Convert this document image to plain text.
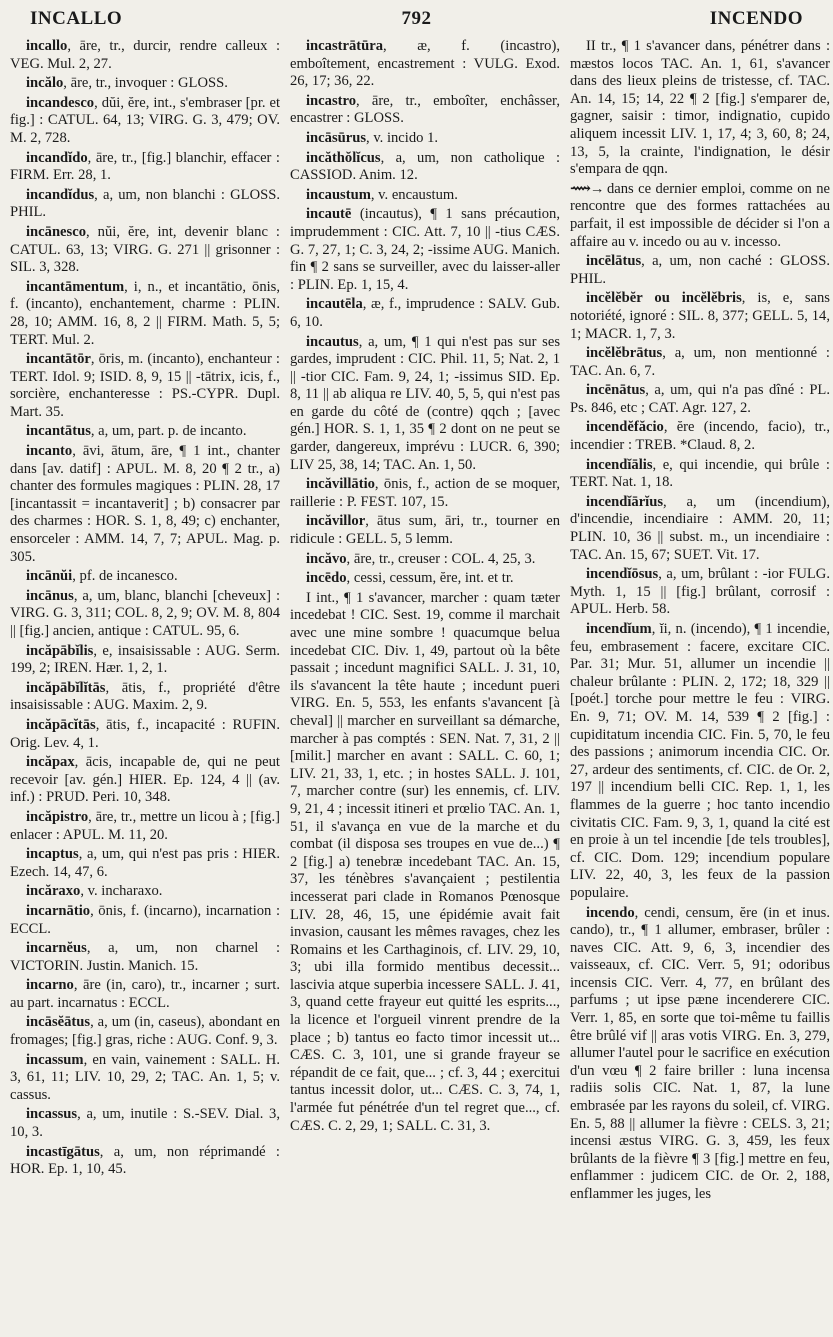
INCALLO	792	INCENDO

incallo, āre, tr., durcir, rendre calleux : VEG. Mul. 2, 27.

incălo, āre, tr., invoquer : GLOSS.

incandesco, dŭi, ĕre, int., s'embraser [pr. et fig.] : CATUL. 64, 13; VIRG. G. 3, 479; OV. M. 2, 728.

incandĭdo, āre, tr., [fig.] blanchir, effacer : FIRM. Err. 28, 1.

incandĭdus, a, um, non blanchi : GLOSS. PHIL.

incānesco, nŭi, ĕre, int, devenir blanc : CATUL. 63, 13; VIRG. G. 271 || grisonner : SIL. 3, 328.

incantāmentum, i, n., et incantātio, ōnis, f. (incanto), enchantement, charme : PLIN. 28, 10; AMM. 16, 8, 2 || FIRM. Math. 5, 5; TERT. Mul. 2.

incantātōr, ōris, m. (incanto), enchanteur : TERT. Idol. 9; ISID. 8, 9, 15 || -tātrix, icis, f., sorcière, enchanteresse : PS.-CYPR. Dupl. Mart. 35.

incantātus, a, um, part. p. de incanto.

incanto, āvi, ātum, āre, ¶ 1 int., chanter dans [av. datif] : APUL. M. 8, 20 ¶ 2 tr., a) chanter des formules magiques : PLIN. 28, 17 [incantassit = incantaverit] ; b) consacrer par des charmes : HOR. S. 1, 8, 49; c) enchanter, ensorceler : AMM. 14, 7, 7; APUL. Mag. p. 305.

incānŭi, pf. de incanesco.

incānus, a, um, blanc, blanchi [cheveux] : VIRG. G. 3, 311; COL. 8, 2, 9; OV. M. 8, 804 || [fig.] ancien, antique : CATUL. 95, 6.

incăpābĭlis, e, insaisissable : AUG. Serm. 199, 2; IREN. Hær. 1, 2, 1.

incăpābĭlĭtās, ātis, f., propriété d'être insaisissable : AUG. Maxim. 2, 9.

incăpācĭtās, ātis, f., incapacité : RUFIN. Orig. Lev. 4, 1.

incăpax, ācis, incapable de, qui ne peut recevoir [av. gén.] HIER. Ep. 124, 4 || (av. inf.) : PRUD. Peri. 10, 348.

incăpistro, āre, tr., mettre un licou à ; [fig.] enlacer : APUL. M. 11, 20.

incaptus, a, um, qui n'est pas pris : HIER. Ezech. 14, 47, 6.

incăraxo, v. incharaxo.

incarnātio, ōnis, f. (incarno), incarnation : ECCL.

incarnĕus, a, um, non charnel : VICTORIN. Justin. Manich. 15.

incarno, āre (in, caro), tr., incarner ; surt. au part. incarnatus : ECCL.

incāsĕātus, a, um (in, caseus), abondant en fromages; [fig.] gras, riche : AUG. Conf. 9, 3.

incassum, en vain, vainement : SALL. H. 3, 61, 11; LIV. 10, 29, 2; TAC. An. 1, 5; v. cassus.

incassus, a, um, inutile : S.-SEV. Dial. 3, 10, 3.

incastīgātus, a, um, non réprimandé : HOR. Ep. 1, 10, 45.

incastrātūra, æ, f. (incastro), emboîtement, encastrement : VULG. Exod. 26, 17; 36, 22.

incastro, āre, tr., emboîter, enchâsser, encastrer : GLOSS.

incāsūrus, v. incido 1.

incăthŏlĭcus, a, um, non catholique : CASSIOD. Anim. 12.

incaustum, v. encaustum.

incautē (incautus), ¶ 1 sans précaution, imprudemment : CIC. Att. 7, 10 || -tius CÆS. G. 7, 27, 1; C. 3, 24, 2; -issime AUG. Manich. fin ¶ 2 sans se surveiller, avec du laisser-aller : PLIN. Ep. 1, 15, 4.

incautēla, æ, f., imprudence : SALV. Gub. 6, 10.

incautus, a, um, ¶ 1 qui n'est pas sur ses gardes, imprudent : CIC. Phil. 11, 5; Nat. 2, 1 || -tior CIC. Fam. 9, 24, 1; -issimus SID. Ep. 8, 11 || ab aliqua re LIV. 40, 5, 5, qui n'est pas en garde du côté de (contre) qqch ; [avec gén.] HOR. S. 1, 1, 35 ¶ 2 dont on ne peut se garder, dangereux, imprévu : LUCR. 6, 390; LIV 25, 38, 14; TAC. An. 1, 50.

incăvillātio, ōnis, f., action de se moquer, raillerie : P. FEST. 107, 15.

incăvillor, ātus sum, āri, tr., tourner en ridicule : GELL. 5, 5 lemm.

incăvo, āre, tr., creuser : COL. 4, 25, 3.

incēdo, cessi, cessum, ĕre, int. et tr.

I int., ¶ 1 s'avancer, marcher : quam tæter incedebat ! CIC. Sest. 19, comme il marchait avec une mine sombre ! quacumque belua incedebat CIC. Div. 1, 49, partout où la bête passait ; incedunt magnifici SALL. J. 31, 10, ils s'avancent la tête haute ; incedunt pueri VIRG. En. 5, 553, les enfants s'avancent [à cheval] || marcher en surveillant sa démarche, marcher à pas comptés : SEN. Nat. 7, 31, 2 || [milit.] marcher en avant : SALL. C. 60, 1; LIV. 21, 33, 1, etc. ; in hostes SALL. J. 101, 7, marcher contre (sur) les ennemis, cf. LIV. 9, 21, 4 ; incessit itineri et prœlio TAC. An. 1, 51, il s'avança en vue de la marche et du combat (il disposa ses troupes en vue de...) ¶ 2 [fig.] a) tenebræ incedebant TAC. An. 15, 37, les ténèbres s'avançaient ; pestilentia incesserat pari clade in Romanos Pœnosque LIV. 28, 46, 15, une épidémie avait fait invasion, causant les mêmes ravages, chez les Romains et les Carthaginois, cf. LIV. 29, 10, 3; ubi illa formido mentibus decessit... lascivia atque superbia incessere SALL. J. 41, 3, quand cette frayeur eut quitté les esprits..., la licence et l'orgueil vinrent prendre de la place ; b) tantus eo facto timor incessit ut... CÆS. C. 3, 101, une si grande frayeur se répandit de ce fait, que... ; cf. 3, 44 ; exercitui tantus incessit dolor, ut... CÆS. C. 3, 74, 1, l'armée fut pénétrée d'un tel regret que..., cf. CÆS. C. 2, 29, 1; SALL. C. 31, 3.

II tr., ¶ 1 s'avancer dans, pénétrer dans : mæstos locos TAC. An. 1, 61, s'avancer dans des lieux pleins de tristesse, cf. TAC. An. 14, 15; 14, 22 ¶ 2 [fig.] s'emparer de, gagner, saisir : timor, indignatio, cupido aliquem incessit LIV. 1, 17, 4; 3, 60, 8; 24, 13, 5, la crainte, l'indignation, le désir s'empara de qqn.

⟿→ dans ce dernier emploi, comme on ne rencontre que des formes rattachées au parfait, il est impossible de décider si l'on a affaire au v. incedo ou au v. incesso.

incēlātus, a, um, non caché : GLOSS. PHIL.

incĕlĕbĕr ou incĕlĕbris, is, e, sans notoriété, ignoré : SIL. 8, 377; GELL. 5, 14, 1; MACR. 1, 7, 3.

incĕlĕbrātus, a, um, non mentionné : TAC. An. 6, 7.

incēnātus, a, um, qui n'a pas dîné : PL. Ps. 846, etc ; CAT. Agr. 127, 2.

incendĕfăcio, ĕre (incendo, facio), tr., incendier : TREB. *Claud. 8, 2.

incendĭālis, e, qui incendie, qui brûle : TERT. Nat. 1, 18.

incendĭārĭus, a, um (incendium), d'incendie, incendiaire : AMM. 20, 11; PLIN. 10, 36 || subst. m., un incendiaire : TAC. An. 15, 67; SUET. Vit. 17.

incendĭōsus, a, um, brûlant : -ior FULG. Myth. 1, 15 || [fig.] brûlant, corrosif : APUL. Herb. 58.

incendĭum, ĭi, n. (incendo), ¶ 1 incendie, feu, embrasement : facere, excitare CIC. Par. 31; Mur. 51, allumer un incendie || chaleur brûlante : PLIN. 2, 172; 18, 329 || [poét.] torche pour mettre le feu : VIRG. En. 9, 71; OV. M. 14, 539 ¶ 2 [fig.] : cupiditatum incendia CIC. Fin. 5, 70, le feu des passions ; animorum incendia CIC. Or. 27, ardeur des sentiments, cf. CIC. de Or. 2, 197 || incendium belli CIC. Rep. 1, 1, les flammes de la guerre ; hoc tanto incendio civitatis CIC. Fam. 9, 3, 1, quand la cité est en proie à un tel incendie [de tels troubles], cf. CIC. Dom. 129; incendium populare LIV. 22, 40, 3, les feux de la passion populaire.

incendo, cendi, censum, ĕre (in et inus. cando), tr., ¶ 1 allumer, embraser, brûler : naves CIC. Att. 9, 6, 3, incendier des vaisseaux, cf. CIC. Verr. 5, 91; odoribus incensis CIC. Verr. 4, 77, en brûlant des parfums ; ut ipse pæne incenderere CIC. Verr. 1, 85, en sorte que toi-même tu faillis être brûlé vif || aras votis VIRG. En. 3, 279, allumer l'autel pour le sacrifice en exécution d'un vœu ¶ 2 faire briller : luna incensa radiis solis CIC. Nat. 1, 87, la lune embrasée par les rayons du soleil, cf. VIRG. En. 5, 88 || allumer la fièvre : CELS. 3, 21; incensi æstus VIRG. G. 3, 459, les feux brûlants de la fièvre ¶ 3 [fig.] mettre en feu, enflammer : judicem CIC. de Or. 2, 188, enflammer les juges, les
